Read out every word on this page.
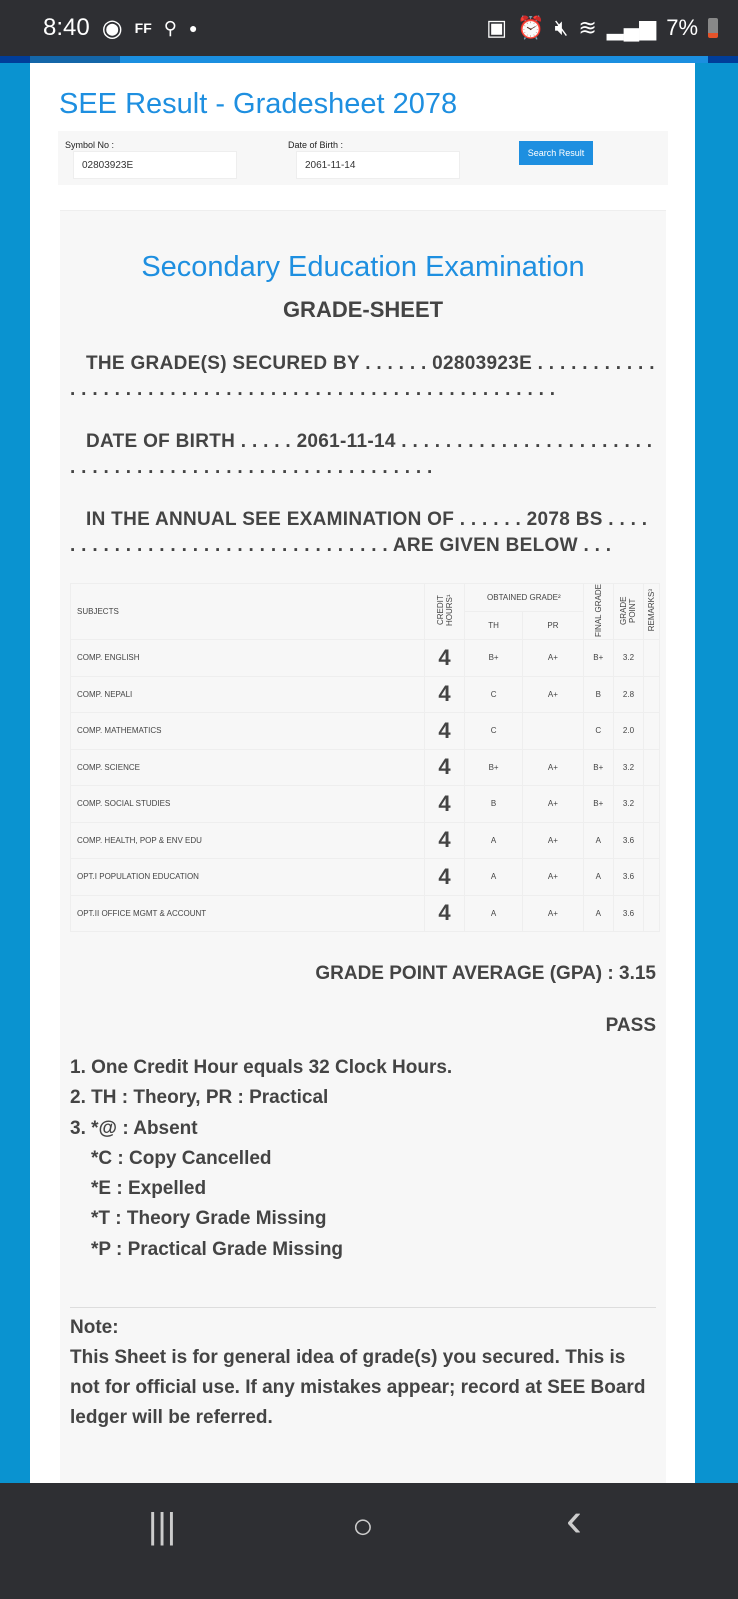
8:40 ◉ FF ⚲ ●	▣ ⏰ 🔇︎ ≋ ▂▄▆ 7%
SEE Result - Gradesheet 2078
Symbol No :
02803923E
Date of Birth :
2061-11-14
Search Result
Secondary Education Examination
GRADE-SHEET
THE GRADE(S) SECURED BY . . . . . . 02803923E . . . . . . . . . . . . . . . . . . . . . . . . . . . . . . . . . . . . . . . . . . . . . . . . . . . . . . .
DATE OF BIRTH . . . . . 2061-11-14 . . . . . . . . . . . . . . . . . . . . . . . . . . . . . . . . . . . . . . . . . . . . . . . . . . . . . . . .
IN THE ANNUAL SEE EXAMINATION OF . . . . . . 2078 BS . . . . . . . . . . . . . . . . . . . . . . . . . . . . . . . . . ARE GIVEN BELOW . . .
SUBJECTS	CREDIT HOURS¹	OBTAINED GRADE²		FINAL GRADE	GRADE POINT	REMARKS³
		TH	PR			
COMP. ENGLISH	4	B+	A+	B+	3.2	
COMP. NEPALI	4	C	A+	B	2.8	
COMP. MATHEMATICS	4	C		C	2.0	
COMP. SCIENCE	4	B+	A+	B+	3.2	
COMP. SOCIAL STUDIES	4	B	A+	B+	3.2	
COMP. HEALTH, POP & ENV EDU	4	A	A+	A	3.6	
OPT.I POPULATION EDUCATION	4	A	A+	A	3.6	
OPT.II OFFICE MGMT & ACCOUNT	4	A	A+	A	3.6	
GRADE POINT AVERAGE (GPA) : 3.15
PASS
1. One Credit Hour equals 32 Clock Hours.
2. TH : Theory, PR : Practical
3. *@ : Absent
*C : Copy Cancelled
*E : Expelled
*T : Theory Grade Missing
*P : Practical Grade Missing
Note:
This Sheet is for general idea of grade(s) you secured. This is not for official use. If any mistakes appear; record at SEE Board ledger will be referred.
|||	○	‹
